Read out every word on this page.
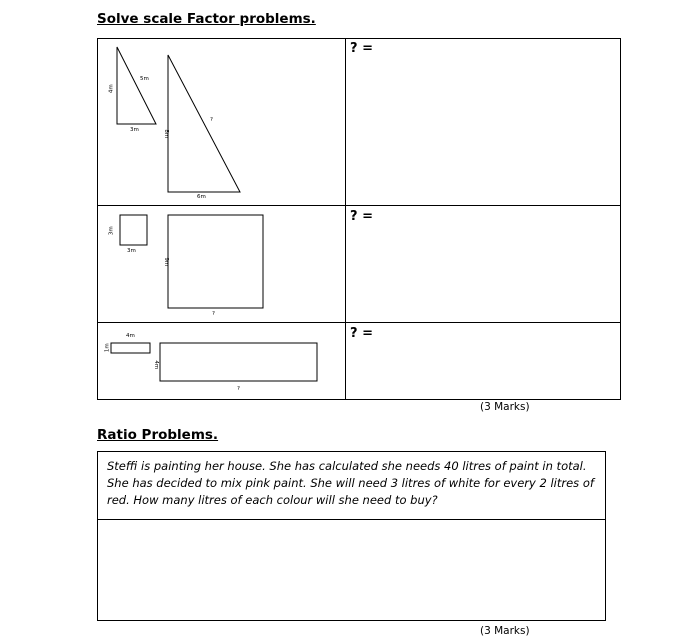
Solve scale Factor problems.
? =
? =
? =
4m
5m
3m	8m
?
6m
3m
3m
9m
?
4m
1m
4m
?
(3 Marks)
Ratio Problems.
Steffi is painting her house. She has calculated she needs 40 litres of paint in total. She has decided to mix pink paint. She will need 3 litres of white for every 2 litres of red. How many litres of each colour will she need to buy?
(3 Marks)
